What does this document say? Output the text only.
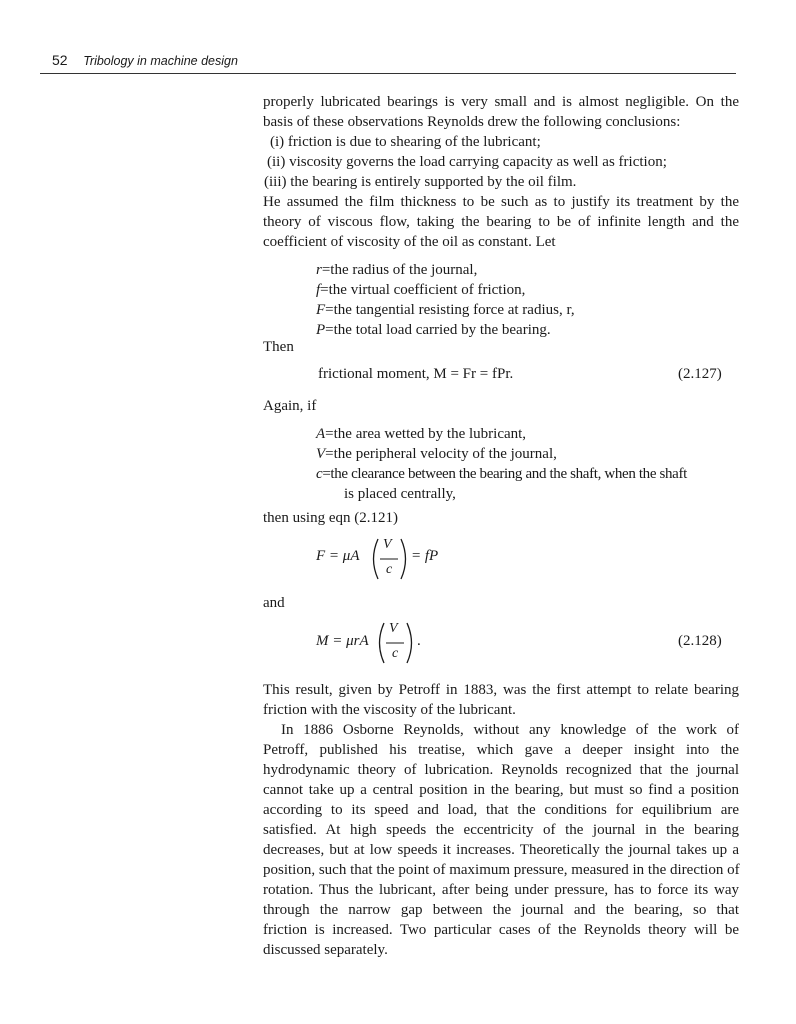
52 Tribology in machine design
properly lubricated bearings is very small and is almost negligible. On the
basis of these observations Reynolds drew the following conclusions:
(i) friction is due to shearing of the lubricant;
(ii) viscosity governs the load carrying capacity as well as friction;
(iii) the bearing is entirely supported by the oil film.
He assumed the film thickness to be such as to justify its treatment by the
theory of viscous flow, taking the bearing to be of infinite length and the
coefficient of viscosity of the oil as constant. Let
r=the radius of the journal,
f=the virtual coefficient of friction,
F=the tangential resisting force at radius, r,
P=the total load carried by the bearing.
Then
frictional moment, M = Fr = fPr.	(2.127)
Again, if
A=the area wetted by the lubricant,
V=the peripheral velocity of the journal,
c=the clearance between the bearing and the shaft, when the shaft
is placed centrally,
then using eqn (2.121)
F = μA
V
c
= fP
and
M = μrA
V
c
.	(2.128)
This result, given by Petroff in 1883, was the first attempt to relate bearing
friction with the viscosity of the lubricant.
In 1886 Osborne Reynolds, without any knowledge of the work of
Petroff, published his treatise, which gave a deeper insight into the
hydrodynamic theory of lubrication. Reynolds recognized that the journal
cannot take up a central position in the bearing, but must so find a position
according to its speed and load, that the conditions for equilibrium are
satisfied. At high speeds the eccentricity of the journal in the bearing
decreases, but at low speeds it increases. Theoretically the journal takes up a
position, such that the point of maximum pressure, measured in the direction of
rotation. Thus the lubricant, after being under pressure, has to force its way
through the narrow gap between the journal and the bearing, so that
friction is increased. Two particular cases of the Reynolds theory will be
discussed separately.
